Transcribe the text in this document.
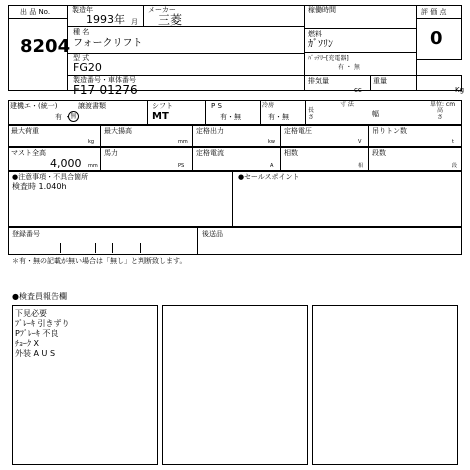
出 品 No.
8204
製造年
1993年 月
メーカー
三菱
稼働時間
種 名
フォークリフト
燃料
ｶﾞｿﾘﾝ
型 式
FG20
ﾊﾞｯﾃﾘｰ[充電器]
有 ・ 無
製造番号・車体番号
F17-01276
排気量
cc
重量
Kg
評 価 点
0
建機エ・(統一)	譲渡書類
有 ・ 無
シフト
MT
P S
有・無
冷房
有・無
寸 法	単位: cm
長 さ	幅	高 さ
最大荷重
kg
最大揚高
mm
定格出力
kw
定格電圧
V
吊りトン数
t
マスト全高
4,000 mm
馬力
PS
定格電流
A
相数
相
段数
段
●注意事項・不具合箇所
検査時 1.040h
●セールスポイント
登録番号	後送品
＊有・無の記載が無い場合は「無し」と判断致します。
●検査員報告欄
下見必要
ﾌﾞﾚｰｷ 引きずり
Pﾌﾞﾚｰｷ 不良
ﾁｮｰｸ X
外装 A U S
